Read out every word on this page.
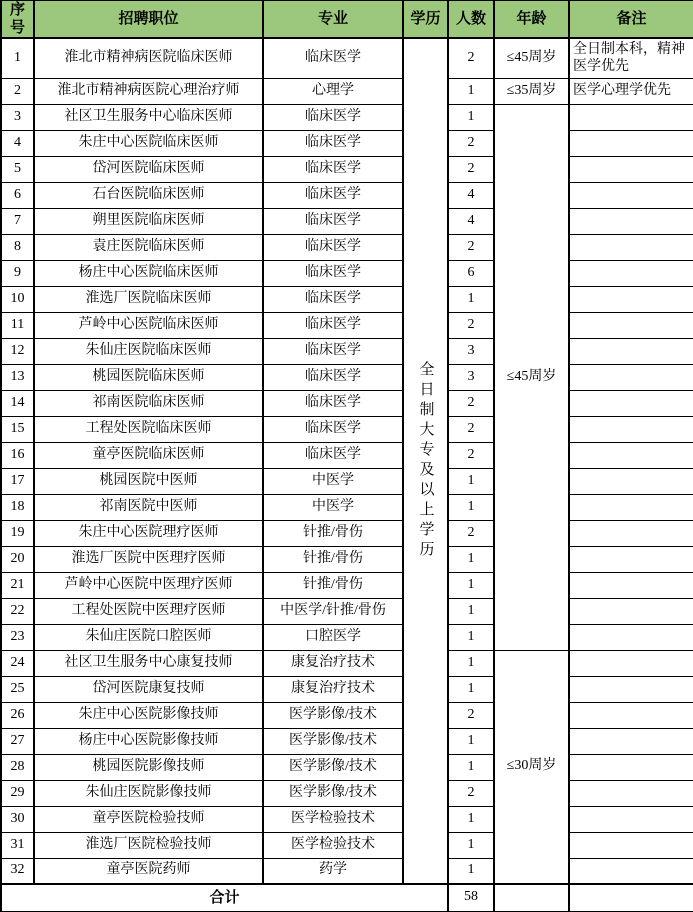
序号	招聘职位	专业	学历	人数	年龄	备注
1	淮北市精神病医院临床医师	临床医学	全日制大专及以上学历	2	≤45周岁	全日制本科，精神医学优先
2	淮北市精神病医院心理治疗师	心理学		1	≤35周岁	医学心理学优先
3	社区卫生服务中心临床医师	临床医学		1	≤45周岁	
4	朱庄中心医院临床医师	临床医学		2		
5	岱河医院临床医师	临床医学		2		
6	石台医院临床医师	临床医学		4		
7	朔里医院临床医师	临床医学		4		
8	袁庄医院临床医师	临床医学		2		
9	杨庄中心医院临床医师	临床医学		6		
10	淮选厂医院临床医师	临床医学		1		
11	芦岭中心医院临床医师	临床医学		2		
12	朱仙庄医院临床医师	临床医学		3		
13	桃园医院临床医师	临床医学		3		
14	祁南医院临床医师	临床医学		2		
15	工程处医院临床医师	临床医学		2		
16	童亭医院临床医师	临床医学		2		
17	桃园医院中医师	中医学		1		
18	祁南医院中医师	中医学		1		
19	朱庄中心医院理疗医师	针推/骨伤		2		
20	淮选厂医院中医理疗医师	针推/骨伤		1		
21	芦岭中心医院中医理疗医师	针推/骨伤		1		
22	工程处医院中医理疗医师	中医学/针推/骨伤		1		
23	朱仙庄医院口腔医师	口腔医学		1		
24	社区卫生服务中心康复技师	康复治疗技术		1	≤30周岁	
25	岱河医院康复技师	康复治疗技术		1		
26	朱庄中心医院影像技师	医学影像/技术		2		
27	杨庄中心医院影像技师	医学影像/技术		1		
28	桃园医院影像技师	医学影像/技术		1		
29	朱仙庄医院影像技师	医学影像/技术		2		
30	童亭医院检验技师	医学检验技术		1		
31	淮选厂医院检验技师	医学检验技术		1		
32	童亭医院药师	药学		1		
合计				58		
